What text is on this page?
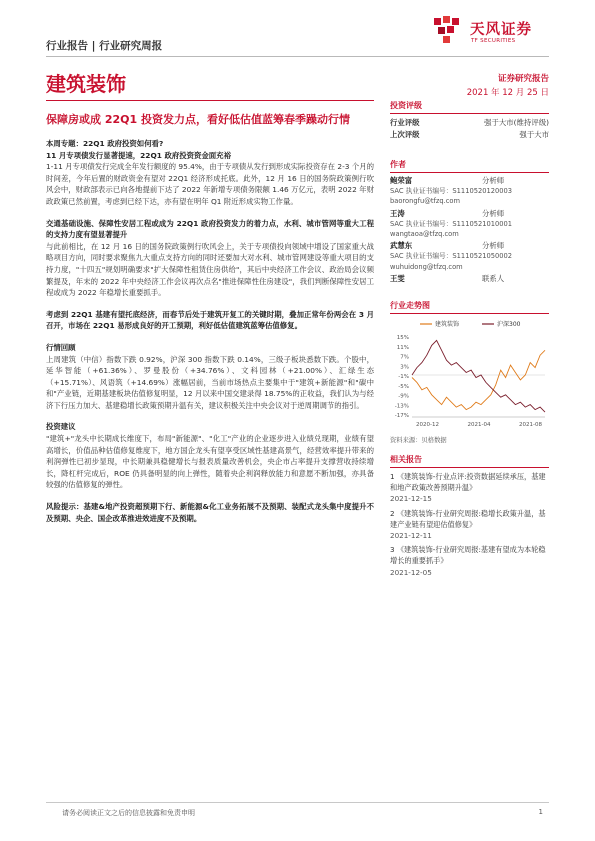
行业报告 | 行业研究周报
天风证券
TF SECURITIES
建筑装饰	证券研究报告
2021 年 12 月 25 日
保障房或成 22Q1 投资发力点，看好低估值蓝筹春季躁动行情
本周专题：22Q1 政府投资如何看?
11 月专项债发行显著提速，22Q1 政府投资资金面充裕
1-11 月专项债发行完成全年发行额度的 95.4%，由于专项债从发行到形成实际投资存在 2-3 个月的时间差，今年后置的财政资金有望对 22Q1 经济形成托底。此外，12 月 16 日的国务院政策例行吹风会中，财政部表示已向各地提前下达了 2022 年新增专项债务限额 1.46 万亿元，表明 2022 年财政政策已然前置，考虑到已经下达，亦有望在明年 Q1 附近形成实物工作量。
交通基础设施、保障性安居工程或成为 22Q1 政府投资发力的着力点，水利、城市管网等重大工程的支持力度有望显著提升
与此前相比，在 12 月 16 日的国务院政策例行吹风会上，关于专项债投向领域中增设了国家重大战略项目方向，同时要求聚焦九大重点支持方向的同时还要加大对水利、城市管网建设等重大项目的支持力度，"十四五"规划明确要求"扩大保障性租赁住房供给"，其后中央经济工作会议、政治局会议频繁提及，年末的 2022 年中央经济工作会议再次点名"推进保障性住房建设"，我们判断保障性安居工程或成为 2022 年稳增长重要抓手。
考虑到 22Q1 基建有望托底经济，而春节后处于建筑开复工的关键时期，叠加正常年份两会在 3 月召开，市场在 22Q1 易形成良好的开工预期，利好低估值建筑蓝筹估值修复。
行情回顾
上周建筑（中信）指数下跌 0.92%，沪深 300 指数下跌 0.14%，三级子板块悉数下跌。个股中，延华智能（+61.36%）、罗曼股份（+34.76%）、文科园林（+21.00%）、汇绿生态（+15.71%）、风语筑（+14.69%）涨幅居前，当前市场热点主要集中于"建筑+新能源"和"碳中和"产业链，近期基建板块估值修复明显，12 月以来中国交建录得 18.75%的正收益，我们认为与经济下行压力加大、基建稳增长政策预期升温有关，建议积极关注中央会议对于逆周期调节的指引。
投资建议
"建筑+"龙头中长期成长维度下，布局"新能源"、"化工"产业的企业逐步进入业绩兑现期，业绩有望高增长，价值品种估值修复维度下，地方国企龙头有望享受区域性基建高景气，经营效率提升带来的利润弹性已初步显现，中长期兼具稳健增长与报表质量改善机会，央企市占率提升支撑营收持续增长，降杠杆完成后，ROE 仍具备明显的向上弹性，随着央企利润释放能力和意愿不断加强，亦具备较强的估值修复的弹性。
风险提示：基建&地产投资超预期下行、新能源&化工业务拓展不及预期、装配式龙头集中度提升不及预期、央企、国企改革推进效进度不及预期。
投资评级
行业评级	强于大市(维持评级)
上次评级	强于大市
作者
鲍荣富	分析师
SAC 执业证书编号：S1110520120003
baorongfu@tfzq.com
王涛	分析师
SAC 执业证书编号：S1110521010001
wangtaoa@tfzq.com
武慧东	分析师
SAC 执业证书编号：S1110521050002
wuhuidong@tfzq.com
王雯	联系人
行业走势图
15%
11%
7%
3%
-1%
-5%
-9%
-13%
-17%
2020-12	2021-04	2021-08
建筑装饰	沪深300
资料来源：贝格数据
相关报告
1 《建筑装饰-行业点评:投资数据延续承压，基建和地产政策改善预期升温》
2021-12-15
2 《建筑装饰-行业研究周报:稳增长政策升温，基建产业链有望迎估值修复》
2021-12-11
3 《建筑装饰-行业研究周报:基建有望成为本轮稳增长的重要抓手》
2021-12-05
请务必阅读正文之后的信息披露和免责申明	1
